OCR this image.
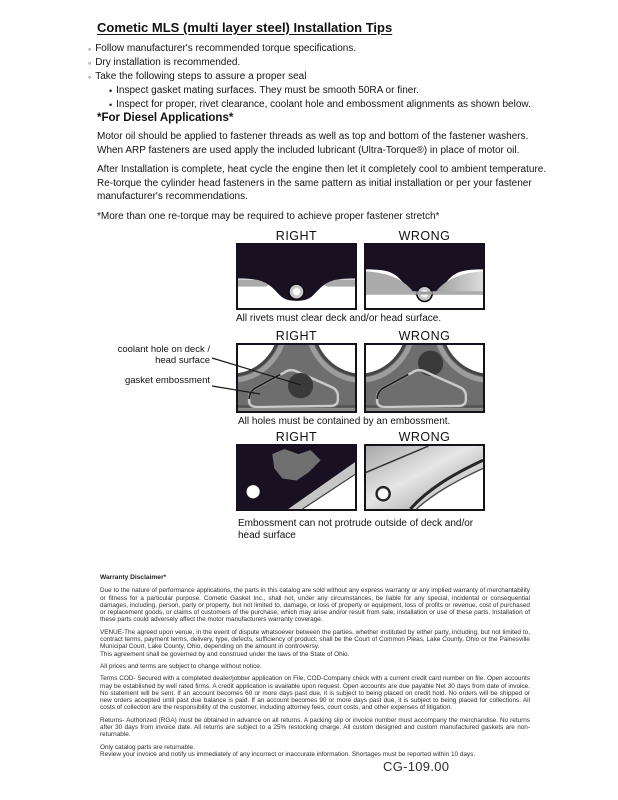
Cometic MLS (multi layer steel) Installation Tips
◦ Follow manufacturer's recommended torque specifications.
◦ Dry installation is recommended.
◦ Take the following steps to assure a proper seal
• Inspect gasket mating surfaces. They must be smooth 50RA or finer.
• Inspect for proper, rivet clearance, coolant hole and embossment alignments as shown below.
*For Diesel Applications*

Motor oil should be applied to fastener threads as well as top and bottom of the fastener washers. When ARP fasteners are used apply the included lubricant (Ultra-Torque®) in place of motor oil.

After Installation is complete, heat cycle the engine then let it completely cool to ambient temperature. Re-torque the cylinder head fasteners in the same pattern as initial installation or per your fastener manufacturer's recommendations.

*More than one re-torque may be required to achieve proper fastener stretch*

RIGHT	WRONG
All rivets must clear deck and/or head surface.
RIGHT	WRONG
All holes must be contained by an embossment.
coolant hole on deck / head surface
gasket embossment
RIGHT	WRONG
Embossment can not protrude outside of deck and/or head surface
Warranty Disclaimer*

Due to the nature of performance applications, the parts in this catalog are sold without any express warranty or any implied warranty of merchantability or fitness for a particular purpose. Cometic Gasket Inc., shall not, under any circumstances, be liable for any special, incidental or consequential damages, including, person, party or property, but not limited to, damage, or loss of property or equipment, loss of profits or revenue, cost of purchased or replacement goods, or claims of customers of the purchase, which may arise and/or result from sale, installation or use of these parts. Installation of these parts could adversely affect the motor manufacturers warranty coverage.

VENUE-The agreed upon venue, in the event of dispute whatsoever between the parties, whether instituted by either party, including, but not limited to, contract terms, payment terms, delivery, type, defects, sufficiency of product, shall be the Court of Common Pleas, Lake County, Ohio or the Painesville Municipal Court, Lake County, Ohio, depending on the amount in controversy.
This agreement shall be governed by and construed under the laws of the State of Ohio.

All prices and terms are subject to change without notice.

Terms COD- Secured with a completed dealer/jobber application on File, COD-Company check with a current credit card number on file. Open accounts may be established by well rated firms. A credit application is available upon request. Open accounts are due payable Net 30 days from date of invoice. No statement will be sent. If an account becomes 60 or more days past due, it is subject to being placed on credit hold. No orders will be shipped or new orders accepted until past due balance is paid. If an account becomes 90 or more days past due, it is subject to being placed for collections. All costs of collection are the responsibility of the customer, including attorney fees, court costs, and other expenses of litigation.

Returns- Authorized (RGA) must be obtained in advance on all returns. A packing slip or invoice number must accompany the merchandise. No returns after 30 days from invoice date. All returns are subject to a 25% restocking charge. All custom designed and custom manufactured gaskets are non-returnable.

Only catalog parts are returnable.
Review your invoice and notify us immediately of any incorrect or inaccurate information. Shortages must be reported within 10 days.

CG-109.00
